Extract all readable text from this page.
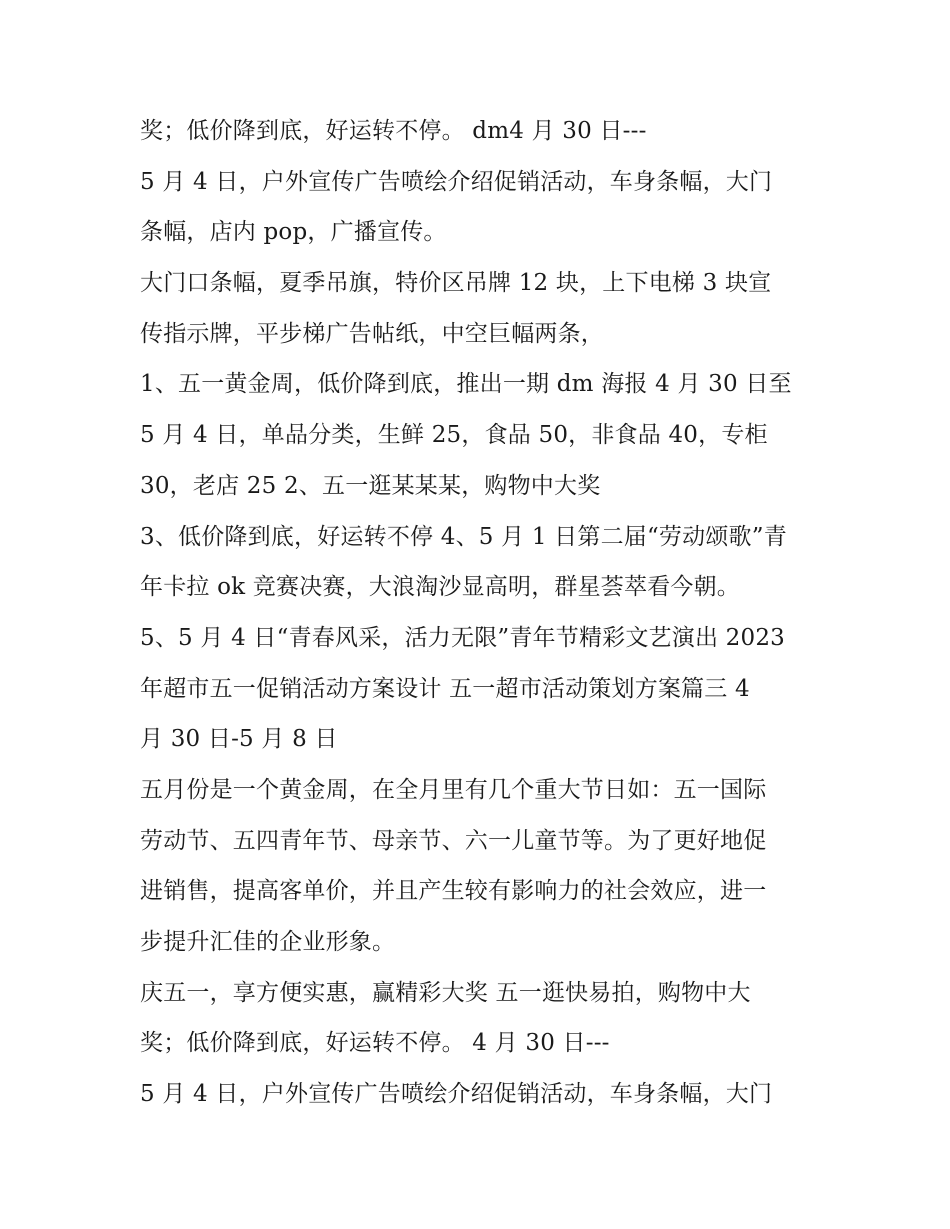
奖；低价降到底，好运转不停。 dm4 月 30 日---
5 月 4 日，户外宣传广告喷绘介绍促销活动，车身条幅，大门
条幅，店内 pop，广播宣传。
大门口条幅，夏季吊旗，特价区吊牌 12 块，上下电梯 3 块宣
传指示牌，平步梯广告帖纸，中空巨幅两条，
1、五一黄金周，低价降到底，推出一期 dm 海报 4 月 30 日至
5 月 4 日，单品分类，生鲜 25，食品 50，非食品 40，专柜
30，老店 25 2、五一逛某某某，购物中大奖
3、低价降到底，好运转不停 4、5 月 1 日第二届“劳动颂歌”青
年卡拉 ok 竞赛决赛，大浪淘沙显高明，群星荟萃看今朝。
5、5 月 4 日“青春风采，活力无限”青年节精彩文艺演出 2023
年超市五一促销活动方案设计 五一超市活动策划方案篇三 4
月 30 日-5 月 8 日
五月份是一个黄金周，在全月里有几个重大节日如：五一国际
劳动节、五四青年节、母亲节、六一儿童节等。为了更好地促
进销售，提高客单价，并且产生较有影响力的社会效应，进一
步提升汇佳的企业形象。
庆五一，享方便实惠，赢精彩大奖 五一逛快易拍，购物中大
奖；低价降到底，好运转不停。 4 月 30 日---
5 月 4 日，户外宣传广告喷绘介绍促销活动，车身条幅，大门
